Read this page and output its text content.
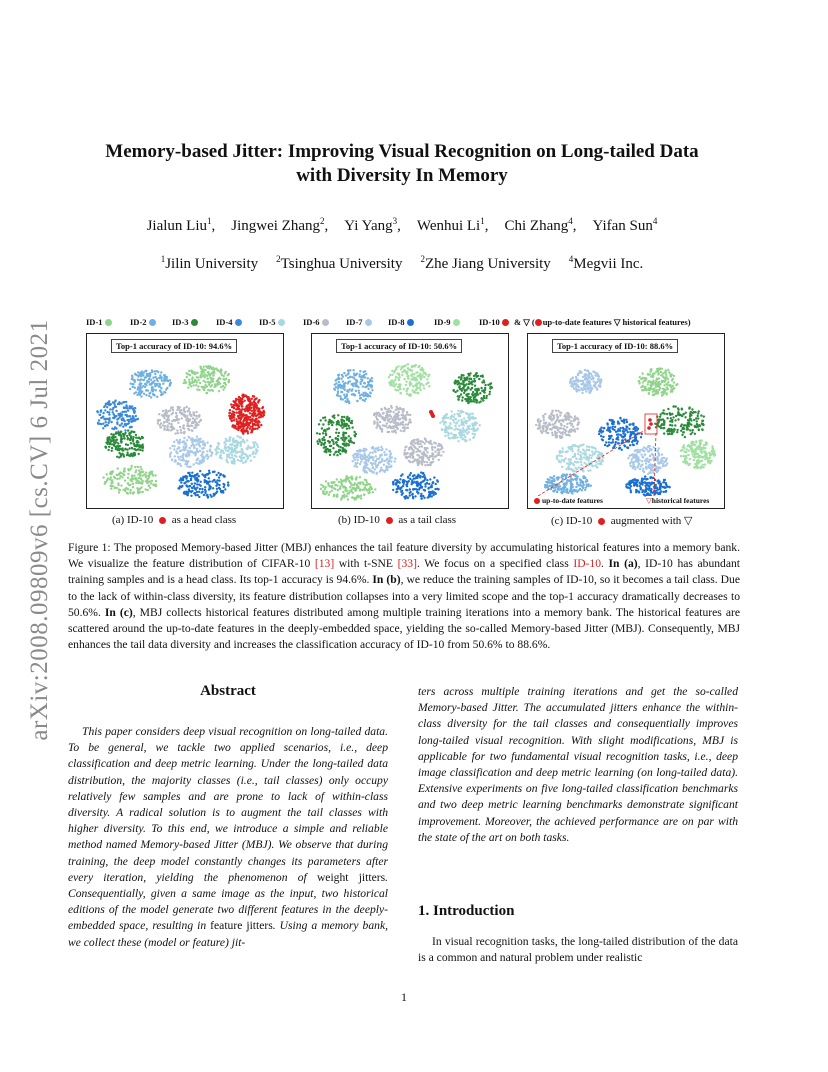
arXiv:2008.09809v6 [cs.CV] 6 Jul 2021
Memory-based Jitter: Improving Visual Recognition on Long-tailed Data
with Diversity In Memory
Jialun Liu$^1$, Jingwei Zhang$^2$, Yi Yang$^3$, Wenhui Li$^1$, Chi Zhang$^4$, Yifan Sun$^4$
$^1$Jilin University $^2$Tsinghua University $^2$Zhe Jiang University $^4$Megvii Inc.
ID-1	ID-2	ID-3	ID-4	ID-5	ID-6	ID-7	ID-8	ID-9	ID-10	& ▽ ( up-to-date features ▽ historical features)
Top-1 accuracy of ID-10: 94.6%	Top-1 accuracy of ID-10: 50.6%	Top-1 accuracy of ID-10: 88.6%
up-to-date features	▽historical features
(a) ID-10 as a head class	(b) ID-10 as a tail class	(c) ID-10 augmented with ▽
Figure 1: The proposed Memory-based Jitter (MBJ) enhances the tail feature diversity by accumulating historical features into a memory bank. We visualize the feature distribution of CIFAR-10 [13] with t-SNE [33]. We focus on a specified class ID-10. In (a), ID-10 has abundant training samples and is a head class. Its top-1 accuracy is 94.6%. In (b), we reduce the training samples of ID-10, so it becomes a tail class. Due to the lack of within-class diversity, its feature distribution collapses into a very limited scope and the top-1 accuracy dramatically decreases to 50.6%. In (c), MBJ collects historical features distributed among multiple training iterations into a memory bank. The historical features are scattered around the up-to-date features in the deeply-embedded space, yielding the so-called Memory-based Jitter (MBJ). Consequently, MBJ enhances the tail data diversity and increases the classification accuracy of ID-10 from 50.6% to 88.6%.
Abstract
This paper considers deep visual recognition on long-tailed data. To be general, we tackle two applied scenarios, i.e., deep classification and deep metric learning. Under the long-tailed data distribution, the majority classes (i.e., tail classes) only occupy relatively few samples and are prone to lack of within-class diversity. A radical solution is to augment the tail classes with higher diversity. To this end, we introduce a simple and reliable method named Memory-based Jitter (MBJ). We observe that during training, the deep model constantly changes its parameters after every iteration, yielding the phenomenon of weight jitters. Consequentially, given a same image as the input, two historical editions of the model generate two different features in the deeply-embedded space, resulting in feature jitters. Using a memory bank, we collect these (model or feature) jit-
ters across multiple training iterations and get the so-called Memory-based Jitter. The accumulated jitters enhance the within-class diversity for the tail classes and consequentially improves long-tailed visual recognition. With slight modifications, MBJ is applicable for two fundamental visual recognition tasks, i.e., deep image classification and deep metric learning (on long-tailed data). Extensive experiments on five long-tailed classification benchmarks and two deep metric learning benchmarks demonstrate significant improvement. Moreover, the achieved performance are on par with the state of the art on both tasks.
1. Introduction
In visual recognition tasks, the long-tailed distribution of the data is a common and natural problem under realistic
1
